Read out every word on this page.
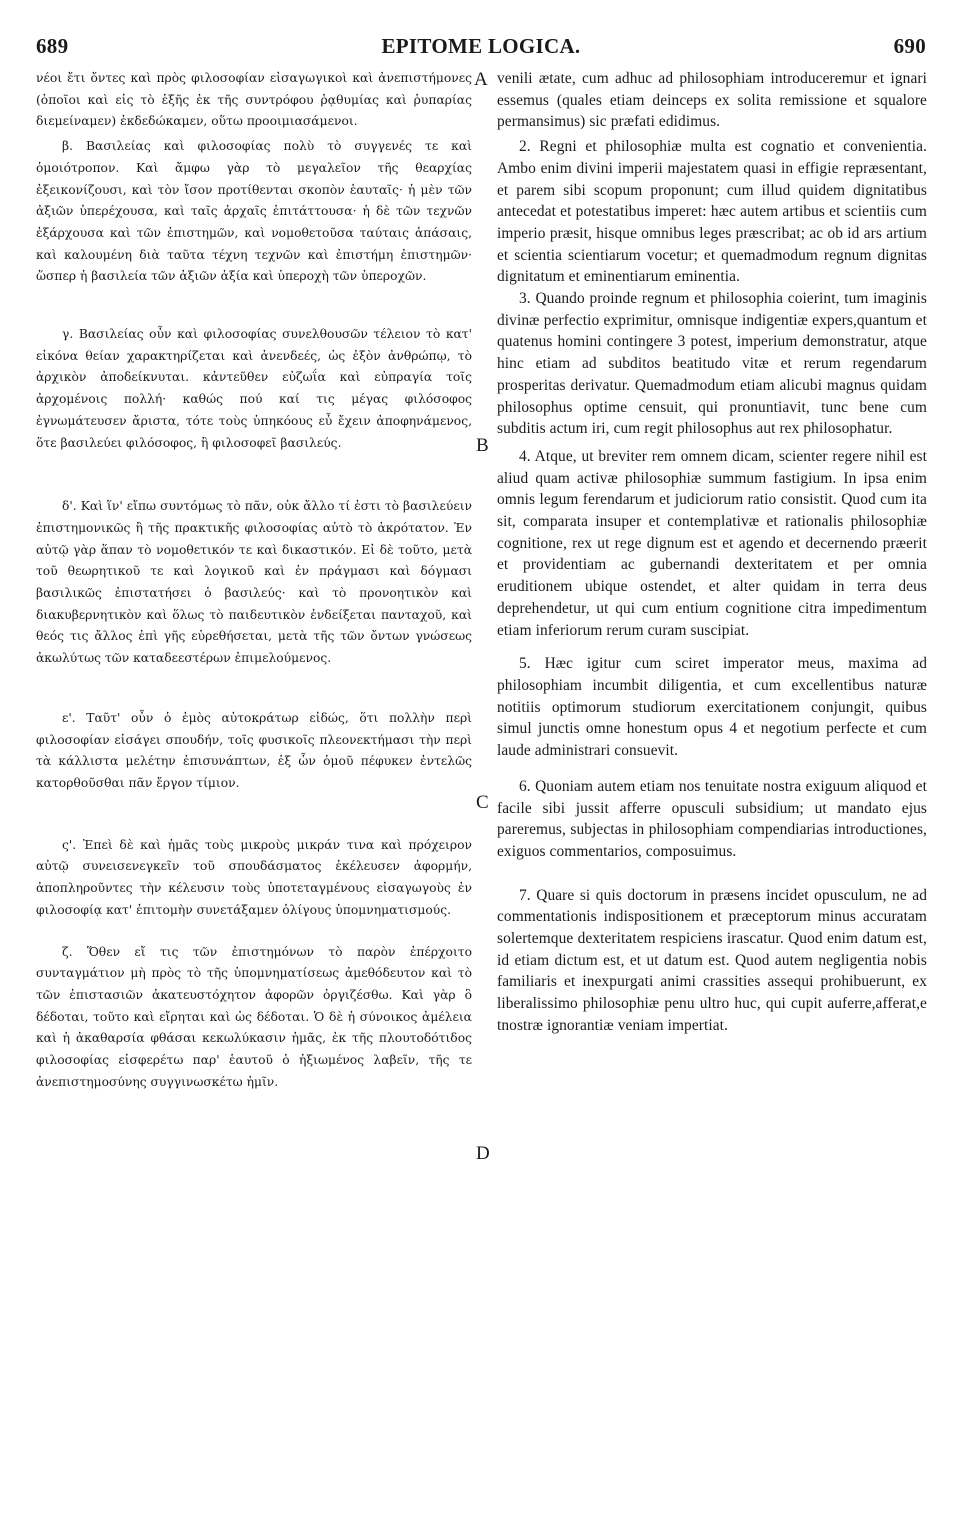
EPITOME LOGICA.
689	690

νέοι ἔτι ὄντες καὶ πρὸς φιλοσοφίαν εἰσαγωγικοὶ καὶ ἀνεπιστήμονες (ὁποῖοι καὶ εἰς τὸ ἑξῆς ἐκ τῆς συντρόφου ῥᾳθυμίας καὶ ῥυπαρίας διεμείναμεν) ἐκδεδώκαμεν, οὕτω προοιμιασάμενοι.

β. Βασιλείας καὶ φιλοσοφίας πολὺ τὸ συγγενές τε καὶ ὁμοιότροπον. Καὶ ἄμφω γὰρ τὸ μεγαλεῖον τῆς θεαρχίας ἐξεικονίζουσι, καὶ τὸν ἴσον προτίθενται σκοπὸν ἑαυταῖς· ἡ μὲν τῶν ἀξιῶν ὑπερέχουσα, καὶ ταῖς ἀρχαῖς ἐπιτάττουσα· ἡ δὲ τῶν τεχνῶν ἐξάρχουσα καὶ τῶν ἐπιστημῶν, καὶ νομοθετοῦσα ταύταις ἁπάσαις, καὶ καλουμένη διὰ ταῦτα τέχνη τεχνῶν καὶ ἐπιστήμη ἐπιστημῶν· ὥσπερ ἡ βασιλεία τῶν ἀξιῶν ἀξία καὶ ὑπεροχὴ τῶν ὑπεροχῶν.

γ. Βασιλείας οὖν καὶ φιλοσοφίας συνελθουσῶν τέλειον τὸ κατ' εἰκόνα θείαν χαρακτηρίζεται καὶ ἀνενδεές, ὡς ἐξὸν ἀνθρώπῳ, τὸ ἀρχικὸν ἀποδείκνυται. κἀντεῦθεν εὐζωΐα καὶ εὐπραγία τοῖς ἀρχομένοις πολλή· καθώς πού καί τις μέγας φιλόσοφος ἐγνωμάτευσεν ἄριστα, τότε τοὺς ὑπηκόους εὖ ἔχειν ἀποφηνάμενος, ὅτε βασιλεύει φιλόσοφος, ἢ φιλοσοφεῖ βασιλεύς.

δ'. Καὶ ἵν' εἴπω συντόμως τὸ πᾶν, οὐκ ἄλλο τί ἐστι τὸ βασιλεύειν ἐπιστημονικῶς ἢ τῆς πρακτικῆς φιλοσοφίας αὐτὸ τὸ ἀκρότατον. Ἐν αὐτῷ γὰρ ἅπαν τὸ νομοθετικόν τε καὶ δικαστικόν. Εἰ δὲ τοῦτο, μετὰ τοῦ θεωρητικοῦ τε καὶ λογικοῦ καὶ ἐν πράγμασι καὶ δόγμασι βασιλικῶς ἐπιστατήσει ὁ βασιλεύς· καὶ τὸ προνοητικὸν καὶ διακυβερνητικὸν καὶ ὅλως τὸ παιδευτικὸν ἐνδείξεται πανταχοῦ, καὶ θεός τις ἄλλος ἐπὶ γῆς εὑρεθήσεται, μετὰ τῆς τῶν ὄντων γνώσεως ἀκωλύτως τῶν καταδεεστέρων ἐπιμελούμενος.

ε'. Ταῦτ' οὖν ὁ ἐμὸς αὐτοκράτωρ εἰδώς, ὅτι πολλὴν περὶ φιλοσοφίαν εἰσάγει σπουδήν, τοῖς φυσικοῖς πλεονεκτήμασι τὴν περὶ τὰ κάλλιστα μελέτην ἐπισυνάπτων, ἐξ ὧν ὁμοῦ πέφυκεν ἐντελῶς κατορθοῦσθαι πᾶν ἔργον τίμιον.

ς'. Ἐπεὶ δὲ καὶ ἡμᾶς τοὺς μικροὺς μικράν τινα καὶ πρόχειρον αὐτῷ συνεισενεγκεῖν τοῦ σπουδάσματος ἐκέλευσεν ἀφορμήν, ἀποπληροῦντες τὴν κέλευσιν τοὺς ὑποτεταγμένους εἰσαγωγοὺς ἐν φιλοσοφίᾳ κατ' ἐπιτομὴν συνετάξαμεν ὀλίγους ὑπομνηματισμούς.

ζ. Ὅθεν εἴ τις τῶν ἐπιστημόνων τὸ παρὸν ἐπέρχοιτο συνταγμάτιον μὴ πρὸς τὸ τῆς ὑπομνηματίσεως ἀμεθόδευτον καὶ τὸ τῶν ἐπιστασιῶν ἀκατευστόχητον ἀφορῶν ὀργιζέσθω. Καὶ γὰρ ὃ δέδοται, τοῦτο καὶ εἴρηται καὶ ὡς δέδοται. Ὁ δὲ ἡ σύνοικος ἀμέλεια καὶ ἡ ἀκαθαρσία φθάσαι κεκωλύκασιν ἡμᾶς, ἐκ τῆς πλουτοδότιδος φιλοσοφίας εἰσφερέτω παρ' ἑαυτοῦ ὁ ἠξιωμένος λαβεῖν, τῆς τε ἀνεπιστημοσύνης συγγινωσκέτω ἡμῖν.

venili ætate, cum adhuc ad philosophiam introduceremur et ignari essemus (quales etiam deinceps ex solita remissione et squalore permansimus) sic præfati edidimus.

2. Regni et philosophiæ multa est cognatio et convenientia. Ambo enim divini imperii majestatem quasi in effigie repræsentant, et parem sibi scopum proponunt; cum illud quidem dignitatibus antecedat et potestatibus imperet: hæc autem artibus et scientiis cum imperio præsit, hisque omnibus leges præscribat; ac ob id ars artium et scientia scientiarum vocetur; et quemadmodum regnum dignitas dignitatum et eminentiarum eminentia.

3. Quando proinde regnum et philosophia coierint, tum imaginis divinæ perfectio exprimitur, omnisque indigentiæ expers,quantum et quatenus homini contingere 3 potest, imperium demonstratur, atque hinc etiam ad subditos beatitudo vitæ et rerum regendarum prosperitas derivatur. Quemadmodum etiam alicubi magnus quidam philosophus optime censuit, qui pronuntiavit, tunc bene cum subditis actum iri, cum regit philosophus aut rex philosophatur.

4. Atque, ut breviter rem omnem dicam, scienter regere nihil est aliud quam activæ philosophiæ summum fastigium. In ipsa enim omnis legum ferendarum et judiciorum ratio consistit. Quod cum ita sit, comparata insuper et contemplativæ et rationalis philosophiæ cognitione, rex ut rege dignum est et agendo et decernendo præerit et providentiam ac gubernandi dexteritatem et per omnia eruditionem ubique ostendet, et alter quidam in terra deus deprehendetur, ut qui cum entium cognitione citra impedimentum etiam inferiorum rerum curam suscipiat.

5. Hæc igitur cum sciret imperator meus, maxima ad philosophiam incumbit diligentia, et cum excellentibus naturæ notitiis optimorum studiorum exercitationem conjungit, quibus simul junctis omne honestum opus 4 et negotium perfecte et cum laude administrari consuevit.

6. Quoniam autem etiam nos tenuitate nostra exiguum aliquod et facile sibi jussit afferre opusculi subsidium; ut mandato ejus pareremus, subjectas in philosophiam compendiarias introductiones, exiguos commentarios, composuimus.

7. Quare si quis doctorum in præsens incidet opusculum, ne ad commentationis indispositionem et præceptorum minus accuratam solertemque dexteritatem respiciens irascatur. Quod enim datum est, id etiam dictum est, et ut datum est. Quod autem negligentia nobis familiaris et inexpurgati animi crassities assequi prohibuerunt, ex liberalissimo philosophiæ penu ultro huc, qui cupit auferre,afferat,e tnostræ ignorantiæ veniam impertiat.

A
B
C
D
